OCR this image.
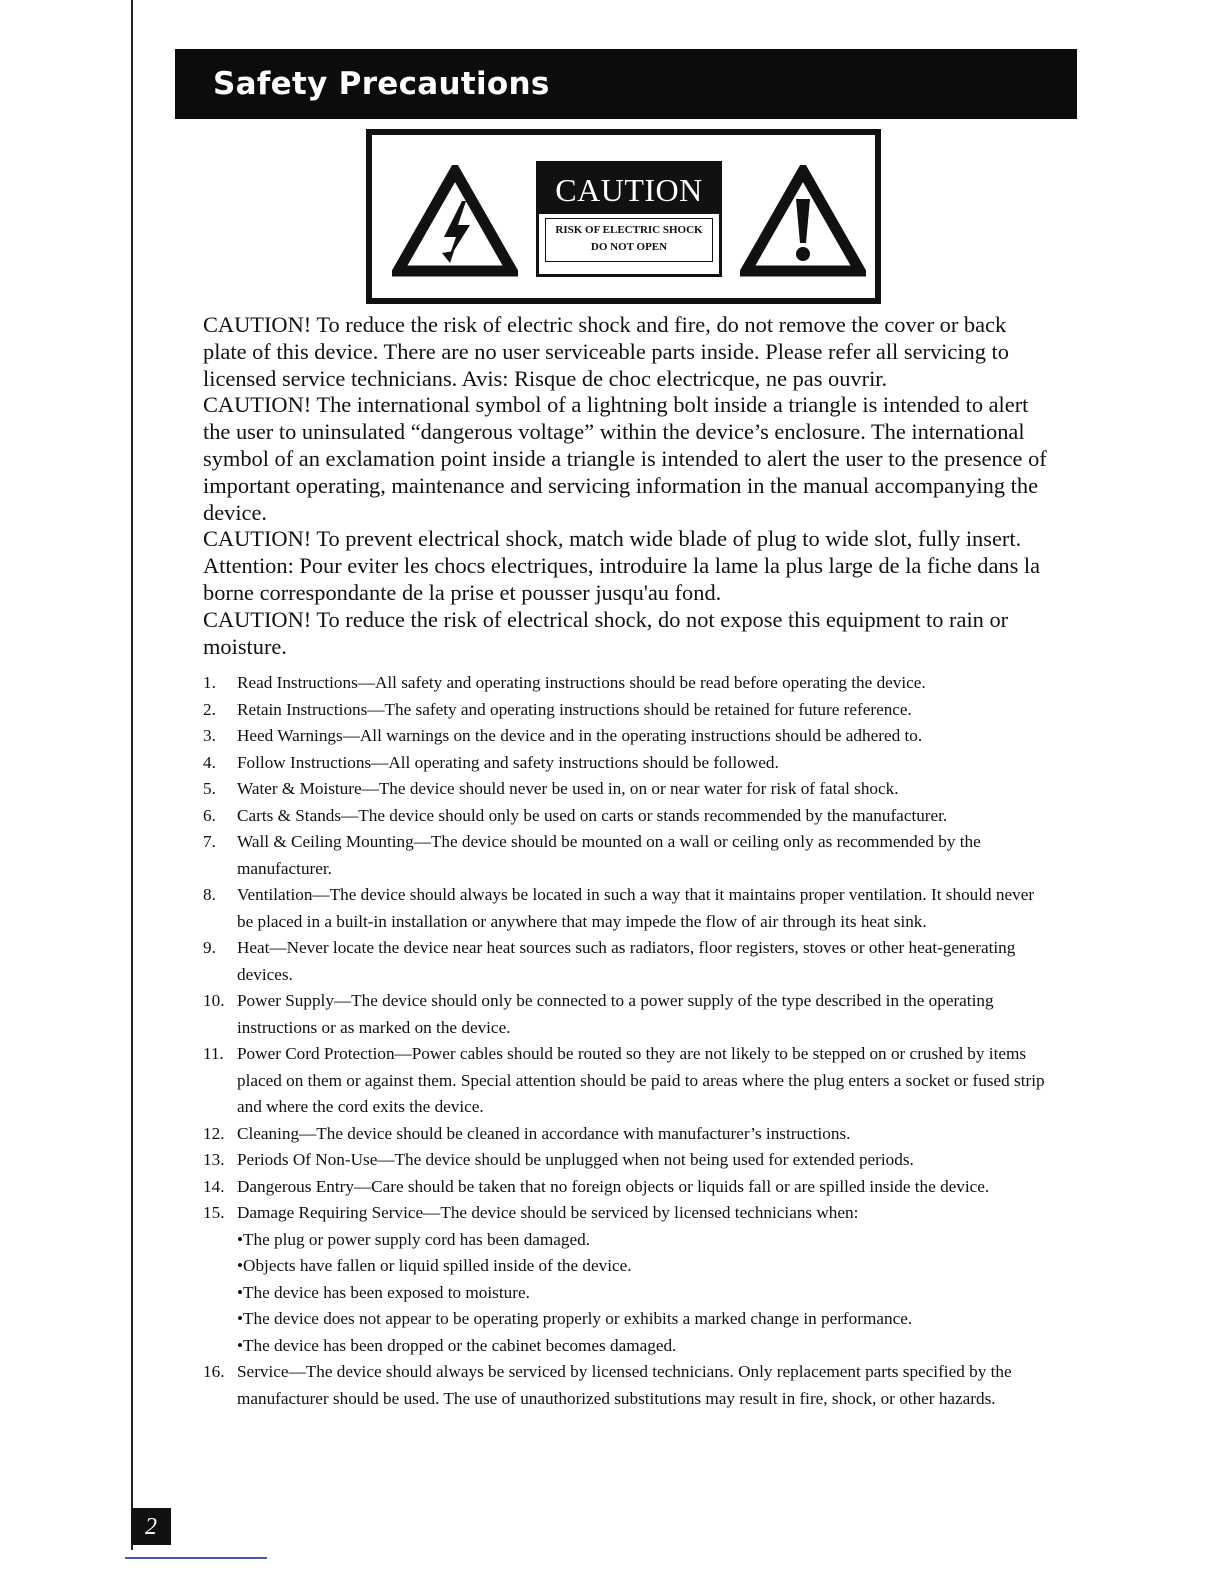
Safety Precautions
CAUTION
RISK OF ELECTRIC SHOCK
DO NOT OPEN

CAUTION! To reduce the risk of electric shock and fire, do not remove the cover or back plate of this device. There are no user serviceable parts inside. Please refer all servicing to licensed service technicians. Avis: Risque de choc electricque, ne pas ouvrir.

CAUTION! The international symbol of a lightning bolt inside a triangle is intended to alert the user to uninsulated “dangerous voltage” within the device’s enclosure. The international symbol of an exclamation point inside a triangle is intended to alert the user to the presence of important operating, maintenance and servicing information in the manual accompanying the device.

CAUTION! To prevent electrical shock, match wide blade of plug to wide slot, fully insert. Attention: Pour eviter les chocs electriques, introduire la lame la plus large de la fiche dans la borne correspondante de la prise et pousser jusqu'au fond.

CAUTION! To reduce the risk of electrical shock, do not expose this equipment to rain or moisture.

1.	Read Instructions—All safety and operating instructions should be read before operating the device.
2.	Retain Instructions—The safety and operating instructions should be retained for future reference.
3.	Heed Warnings—All warnings on the device and in the operating instructions should be adhered to.
4.	Follow Instructions—All operating and safety instructions should be followed.
5.	Water & Moisture—The device should never be used in, on or near water for risk of fatal shock.
6.	Carts & Stands—The device should only be used on carts or stands recommended by the manufacturer.
7.	Wall & Ceiling Mounting—The device should be mounted on a wall or ceiling only as recommended by the manufacturer.
8.	Ventilation—The device should always be located in such a way that it maintains proper ventilation. It should never be placed in a built-in installation or anywhere that may impede the flow of air through its heat sink.
9.	Heat—Never locate the device near heat sources such as radiators, floor registers, stoves or other heat-generating devices.
10. Power Supply—The device should only be connected to a power supply of the type described in the operating instructions or as marked on the device.
11. Power Cord Protection—Power cables should be routed so they are not likely to be stepped on or crushed by items placed on them or against them. Special attention should be paid to areas where the plug enters a socket or fused strip and where the cord exits the device.
12. Cleaning—The device should be cleaned in accordance with manufacturer’s instructions.
13. Periods Of Non-Use—The device should be unplugged when not being used for extended periods.
14. Dangerous Entry—Care should be taken that no foreign objects or liquids fall or are spilled inside the device.
15. Damage Requiring Service—The device should be serviced by licensed technicians when:
• The plug or power supply cord has been damaged.
• Objects have fallen or liquid spilled inside of the device.
• The device has been exposed to moisture.
• The device does not appear to be operating properly or exhibits a marked change in performance.
• The device has been dropped or the cabinet becomes damaged.
16. Service—The device should always be serviced by licensed technicians. Only replacement parts specified by the manufacturer should be used. The use of unauthorized substitutions may result in fire, shock, or other hazards.
2
